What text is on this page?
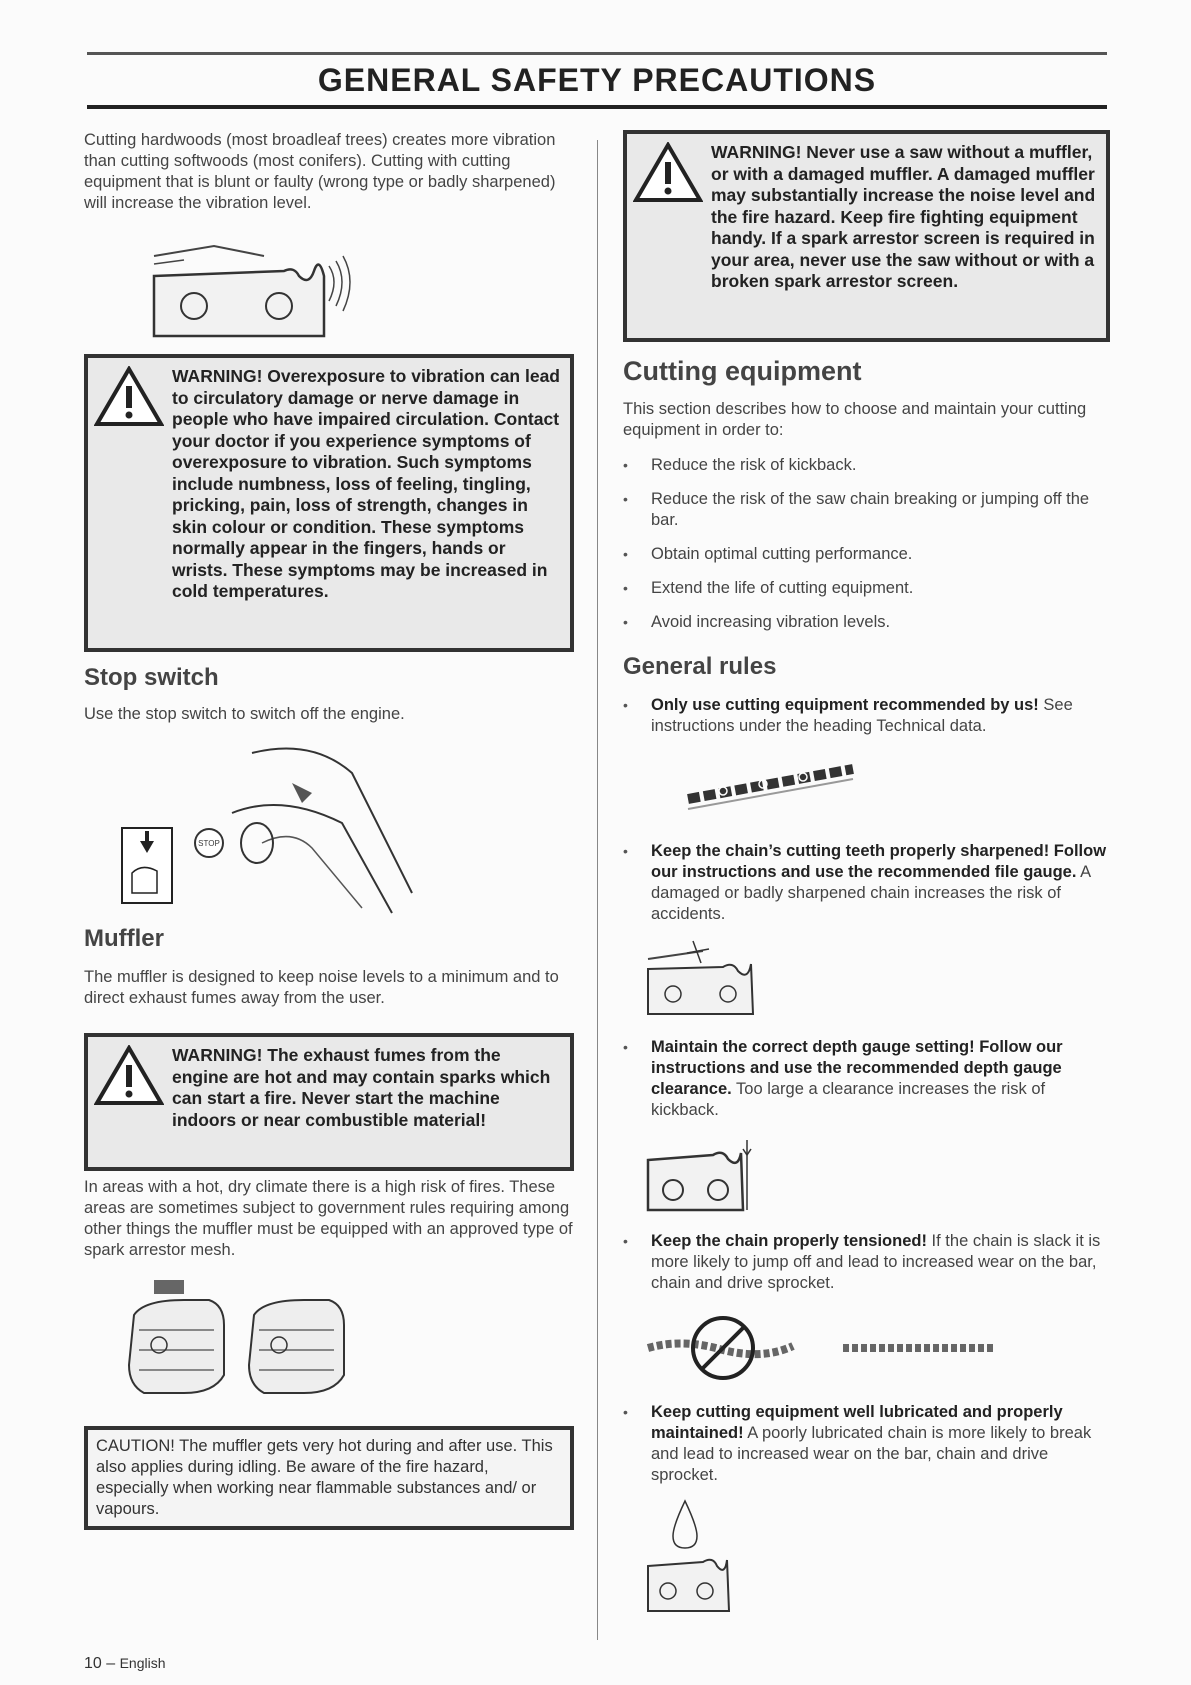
GENERAL SAFETY PRECAUTIONS

Cutting hardwoods (most broadleaf trees) creates more vibration than cutting softwoods (most conifers). Cutting with cutting equipment that is blunt or faulty (wrong type or badly sharpened) will increase the vibration level.

WARNING! Overexposure to vibration can lead to circulatory damage or nerve damage in people who have impaired circulation. Contact your doctor if you experience symptoms of overexposure to vibration. Such symptoms include numbness, loss of feeling, tingling, pricking, pain, loss of strength, changes in skin colour or condition. These symptoms normally appear in the fingers, hands or wrists. These symptoms may be increased in cold temperatures.
Stop switch

Use the stop switch to switch off the engine.

STOP
Muffler

The muffler is designed to keep noise levels to a minimum and to direct exhaust fumes away from the user.

WARNING! The exhaust fumes from the engine are hot and may contain sparks which can start a fire. Never start the machine indoors or near combustible material!

In areas with a hot, dry climate there is a high risk of fires. These areas are sometimes subject to government rules requiring among other things the muffler must be equipped with an approved type of spark arrestor mesh.

CAUTION! The muffler gets very hot during and after use. This also applies during idling. Be aware of the fire hazard, especially when working near flammable substances and/ or vapours.

WARNING! Never use a saw without a muffler, or with a damaged muffler. A damaged muffler may substantially increase the noise level and the fire hazard. Keep fire fighting equipment handy. If a spark arrestor screen is required in your area, never use the saw without or with a broken spark arrestor screen.
Cutting equipment

This section describes how to choose and maintain your cutting equipment in order to:

• Reduce the risk of kickback.
• Reduce the risk of the saw chain breaking or jumping off the bar.
• Obtain optimal cutting performance.
• Extend the life of cutting equipment.
• Avoid increasing vibration levels.
General rules
• Only use cutting equipment recommended by us! See instructions under the heading Technical data.
• Keep the chain’s cutting teeth properly sharpened! Follow our instructions and use the recommended file gauge. A damaged or badly sharpened chain increases the risk of accidents.
• Maintain the correct depth gauge setting! Follow our instructions and use the recommended depth gauge clearance. Too large a clearance increases the risk of kickback.
• Keep the chain properly tensioned! If the chain is slack it is more likely to jump off and lead to increased wear on the bar, chain and drive sprocket.
• Keep cutting equipment well lubricated and properly maintained! A poorly lubricated chain is more likely to break and lead to increased wear on the bar, chain and drive sprocket.
10 – English
